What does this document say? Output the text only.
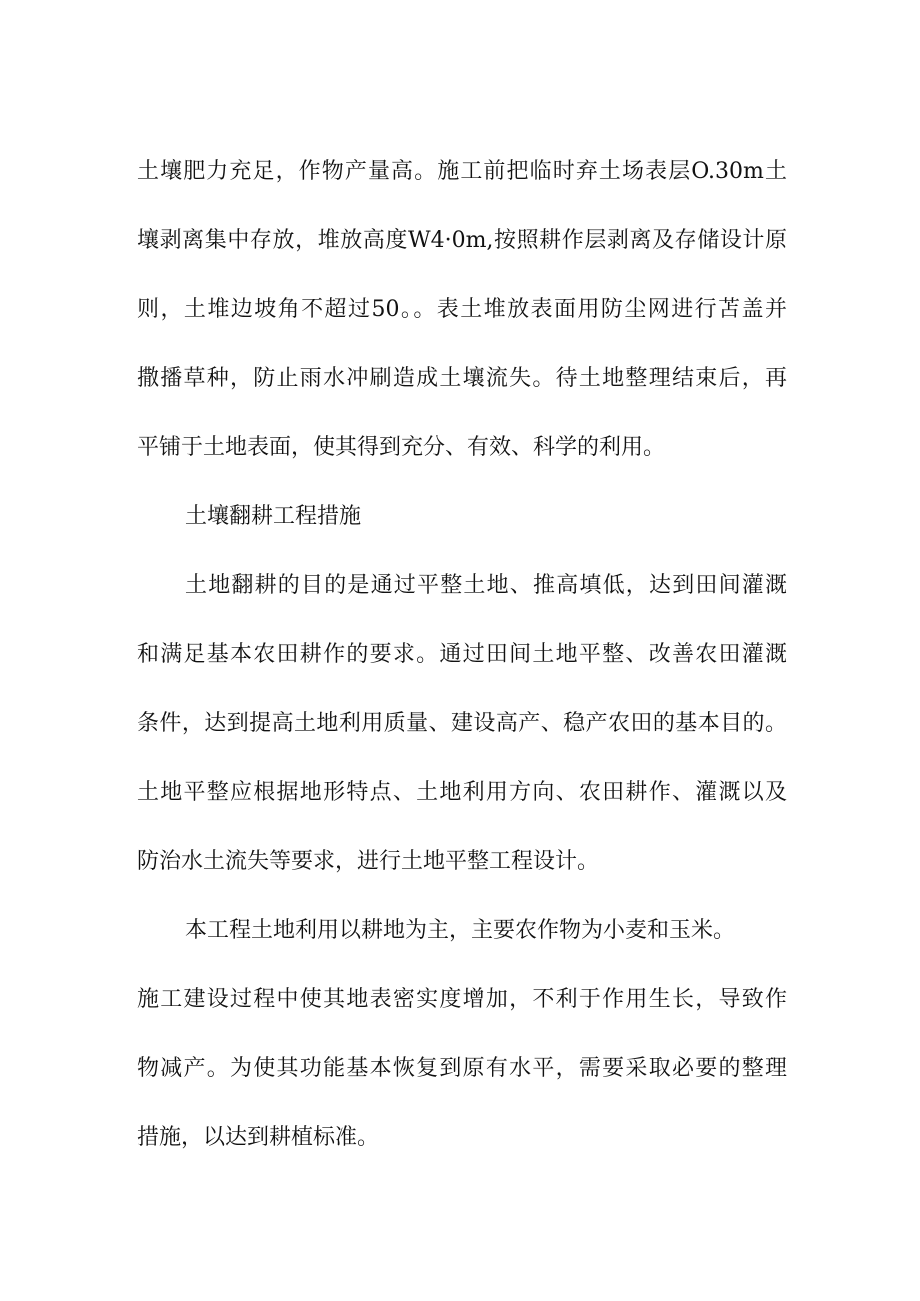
土壤肥力充足，作物产量高。施工前把临时弃土场表层O.30m土
壤剥离集中存放，堆放高度W4·0m,按照耕作层剥离及存储设计原
则，土堆边坡角不超过50。。表土堆放表面用防尘网进行苫盖并
撒播草种，防止雨水冲刷造成土壤流失。待土地整理结束后，再
平铺于土地表面，使其得到充分、有效、科学的利用。
土壤翻耕工程措施
土地翻耕的目的是通过平整土地、推高填低，达到田间灌溉
和满足基本农田耕作的要求。通过田间土地平整、改善农田灌溉
条件，达到提高土地利用质量、建设高产、稳产农田的基本目的。
土地平整应根据地形特点、土地利用方向、农田耕作、灌溉以及
防治水土流失等要求，进行土地平整工程设计。
本工程土地利用以耕地为主，主要农作物为小麦和玉米。
施工建设过程中使其地表密实度增加，不利于作用生长，导致作
物减产。为使其功能基本恢复到原有水平，需要采取必要的整理
措施，以达到耕植标准。
